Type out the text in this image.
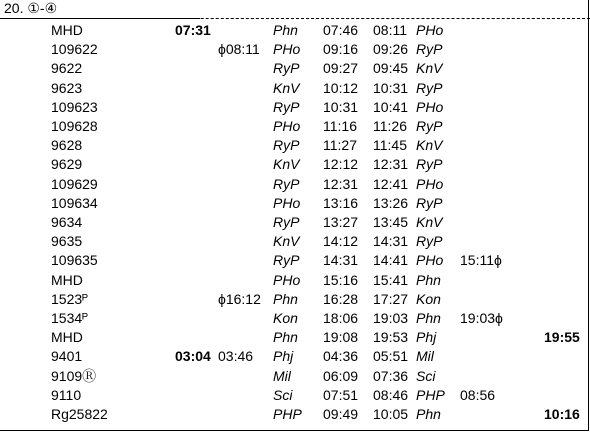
20. ①-④
MHD	07:31	Phn 07:46 08:11 PHo
109622	ϕ08:11 PHo 09:16 09:26 RyP
9622	RyP 09:27 09:45 KnV
9623	KnV 10:12 10:31 RyP
109623	RyP 10:31 10:41 PHo
109628	PHo 11:16 11:26 RyP
9628	RyP 11:27 11:45 KnV
9629	KnV 12:12 12:31 RyP
109629	RyP 12:31 12:41 PHo
109634	PHo 13:16 13:26 RyP
9634	RyP 13:27 13:45 KnV
9635	KnV 14:12 14:31 RyP
109635	RyP 14:31 14:41 PHo 15:11ϕ
MHD	PHo 15:16 15:41 Phn
1523ᴾ	ϕ16:12 Phn 16:28 17:27 Kon
1534ᴾ	Kon 18:06 19:03 Phn 19:03ϕ
MHD	Phn 19:08 19:53 Phj	19:55
9401	03:04 03:46 Phj 04:36 05:51 Mil
9109Ⓡ	Mil 06:09 07:36 Sci
9110	Sci 07:51 08:46 PHP 08:56
Rg25822	PHP 09:49 10:05 Phn	10:16
